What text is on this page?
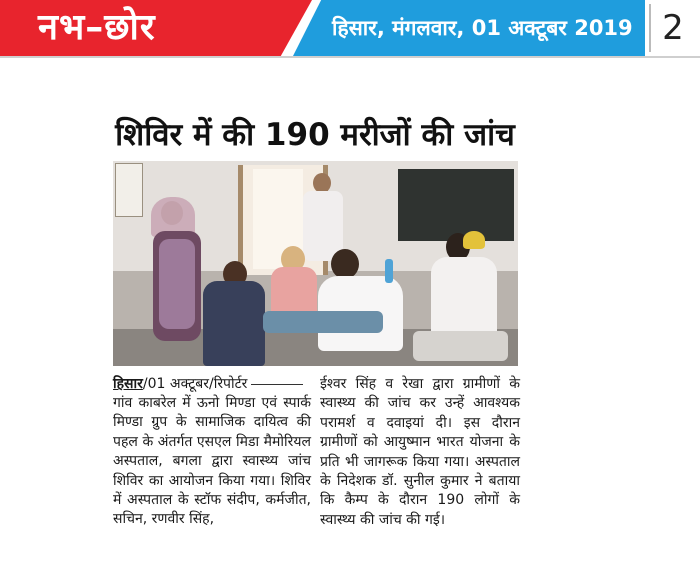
नभ–छोर	हिसार, मंगलवार, 01 अक्टूबर 2019 2
शिविर में की 190 मरीजों की जांच
हिसार/01 अक्टूबर/रिपोर्टर

गांव काबरेल में ऊनो मिण्डा एवं स्पार्क मिण्डा ग्रुप के सामाजिक दायित्व की पहल के अंतर्गत एसएल मिडा मैमोरियल अस्पताल, बगला द्वारा स्वास्थ्य जांच शिविर का आयोजन किया गया। शिविर में अस्पताल के स्टॉफ संदीप, कर्मजीत, सचिन, रणवीर सिंह,

ईश्वर सिंह व रेखा द्वारा ग्रामीणों के स्वास्थ्य की जांच कर उन्हें आवश्यक परामर्श व दवाइयां दी। इस दौरान ग्रामीणों को आयुष्मान भारत योजना के प्रति भी जागरूक किया गया। अस्पताल के निदेशक डॉ. सुनील कुमार ने बताया कि कैम्प के दौरान 190 लोगों के स्वास्थ्य की जांच की गई।
